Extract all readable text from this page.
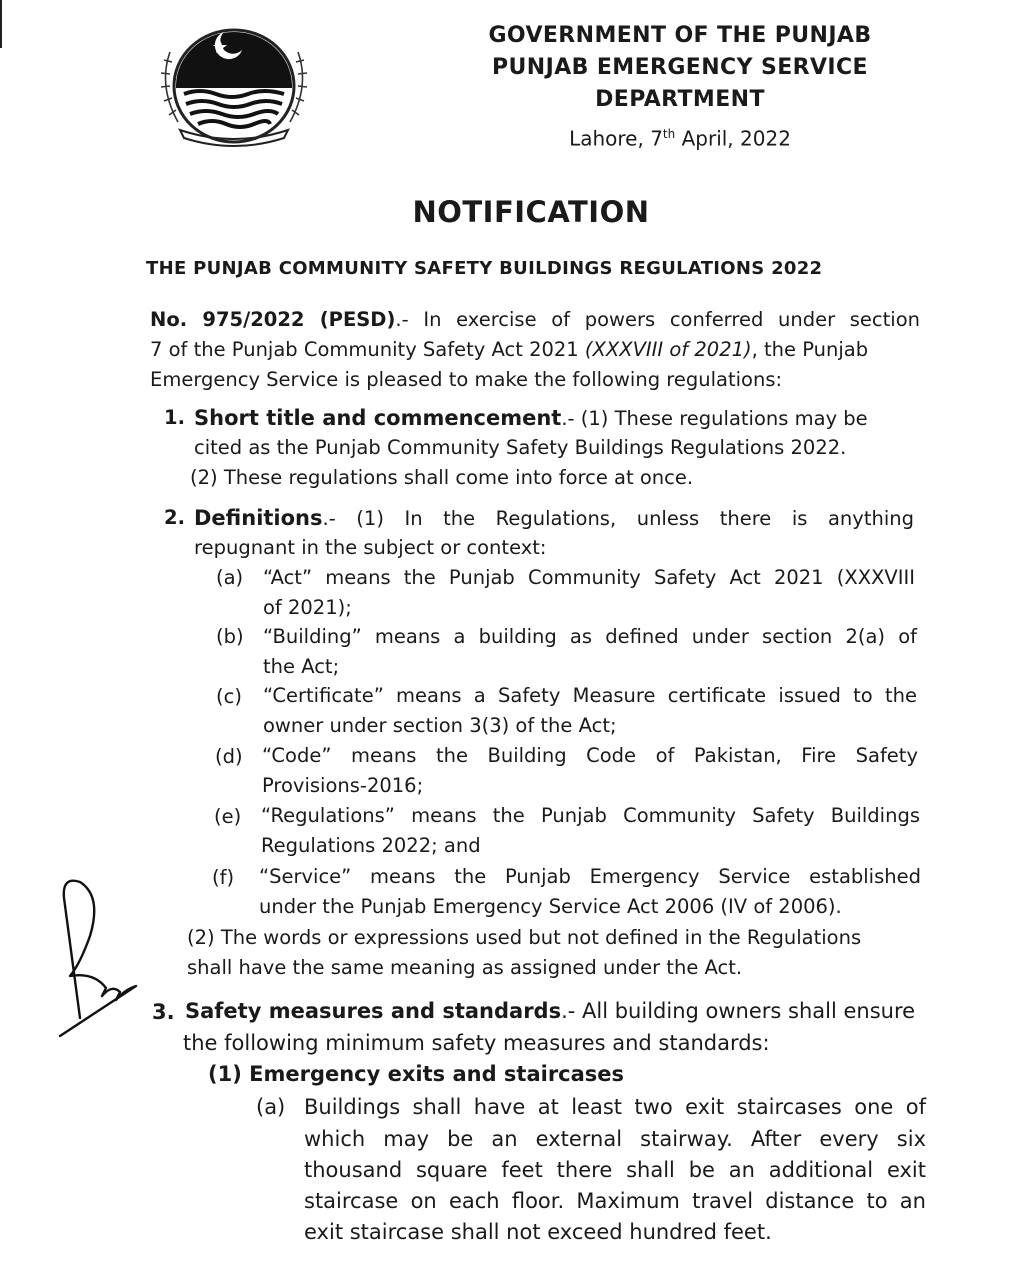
GOVERNMENT OF THE PUNJAB
PUNJAB EMERGENCY SERVICE
DEPARTMENT
Lahore, 7th April, 2022
NOTIFICATION
THE PUNJAB COMMUNITY SAFETY BUILDINGS REGULATIONS 2022
No. 975/2022 (PESD).- In exercise of powers conferred under section
7 of the Punjab Community Safety Act 2021 (XXXVIII of 2021), the Punjab
Emergency Service is pleased to make the following regulations:
1. Short title and commencement.- (1) These regulations may be
cited as the Punjab Community Safety Buildings Regulations 2022.
(2) These regulations shall come into force at once.
2. Definitions.- (1) In the Regulations, unless there is anything
repugnant in the subject or context:
(a) “Act” means the Punjab Community Safety Act 2021 (XXXVIII
of 2021);
(b) “Building” means a building as defined under section 2(a) of
the Act;
(c) “Certificate” means a Safety Measure certificate issued to the
owner under section 3(3) of the Act;
(d) “Code” means the Building Code of Pakistan, Fire Safety
Provisions-2016;
(e) “Regulations” means the Punjab Community Safety Buildings
Regulations 2022; and
(f) “Service” means the Punjab Emergency Service established
under the Punjab Emergency Service Act 2006 (IV of 2006).
(2) The words or expressions used but not defined in the Regulations
shall have the same meaning as assigned under the Act.
3. Safety measures and standards.- All building owners shall ensure
the following minimum safety measures and standards:
(1) Emergency exits and staircases
(a) Buildings shall have at least two exit staircases one of
which may be an external stairway. After every six
thousand square feet there shall be an additional exit
staircase on each floor. Maximum travel distance to an
exit staircase shall not exceed hundred feet.
